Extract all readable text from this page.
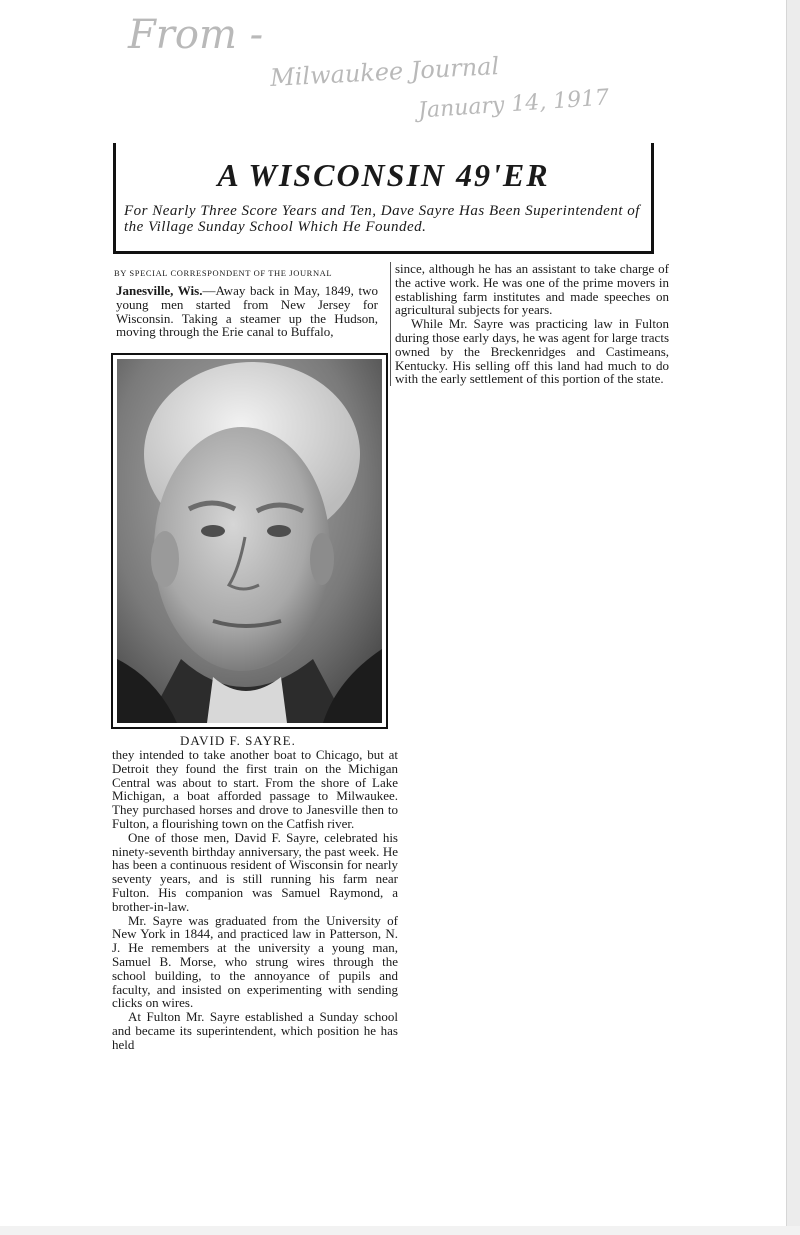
From -
Milwaukee Journal
January 14, 1917
A WISCONSIN 49'ER
For Nearly Three Score Years and Ten, Dave Sayre Has Been Superintendent of the Village Sunday School Which He Founded.
BY SPECIAL CORRESPONDENT OF THE JOURNAL

Janesville, Wis.—Away back in May, 1849, two young men started from New Jersey for Wisconsin. Taking a steamer up the Hudson, moving through the Erie canal to Buffalo,

DAVID F. SAYRE.

they intended to take another boat to Chicago, but at Detroit they found the first train on the Michigan Central was about to start. From the shore of Lake Michigan, a boat afforded passage to Milwaukee. They purchased horses and drove to Janesville then to Fulton, a flourishing town on the Catfish river.

One of those men, David F. Sayre, celebrated his ninety-seventh birthday anniversary, the past week. He has been a continuous resident of Wisconsin for nearly seventy years, and is still running his farm near Fulton. His companion was Samuel Raymond, a brother-in-law.

Mr. Sayre was graduated from the University of New York in 1844, and practiced law in Patterson, N. J. He remembers at the university a young man, Samuel B. Morse, who strung wires through the school building, to the annoyance of pupils and faculty, and insisted on experimenting with sending clicks on wires.

At Fulton Mr. Sayre established a Sunday school and became its superintendent, which position he has held

since, although he has an assistant to take charge of the active work. He was one of the prime movers in establishing farm institutes and made speeches on agricultural subjects for years.

While Mr. Sayre was practicing law in Fulton during those early days, he was agent for large tracts owned by the Breckenridges and Castimeans, Kentucky. His selling off this land had much to do with the early settlement of this portion of the state.
